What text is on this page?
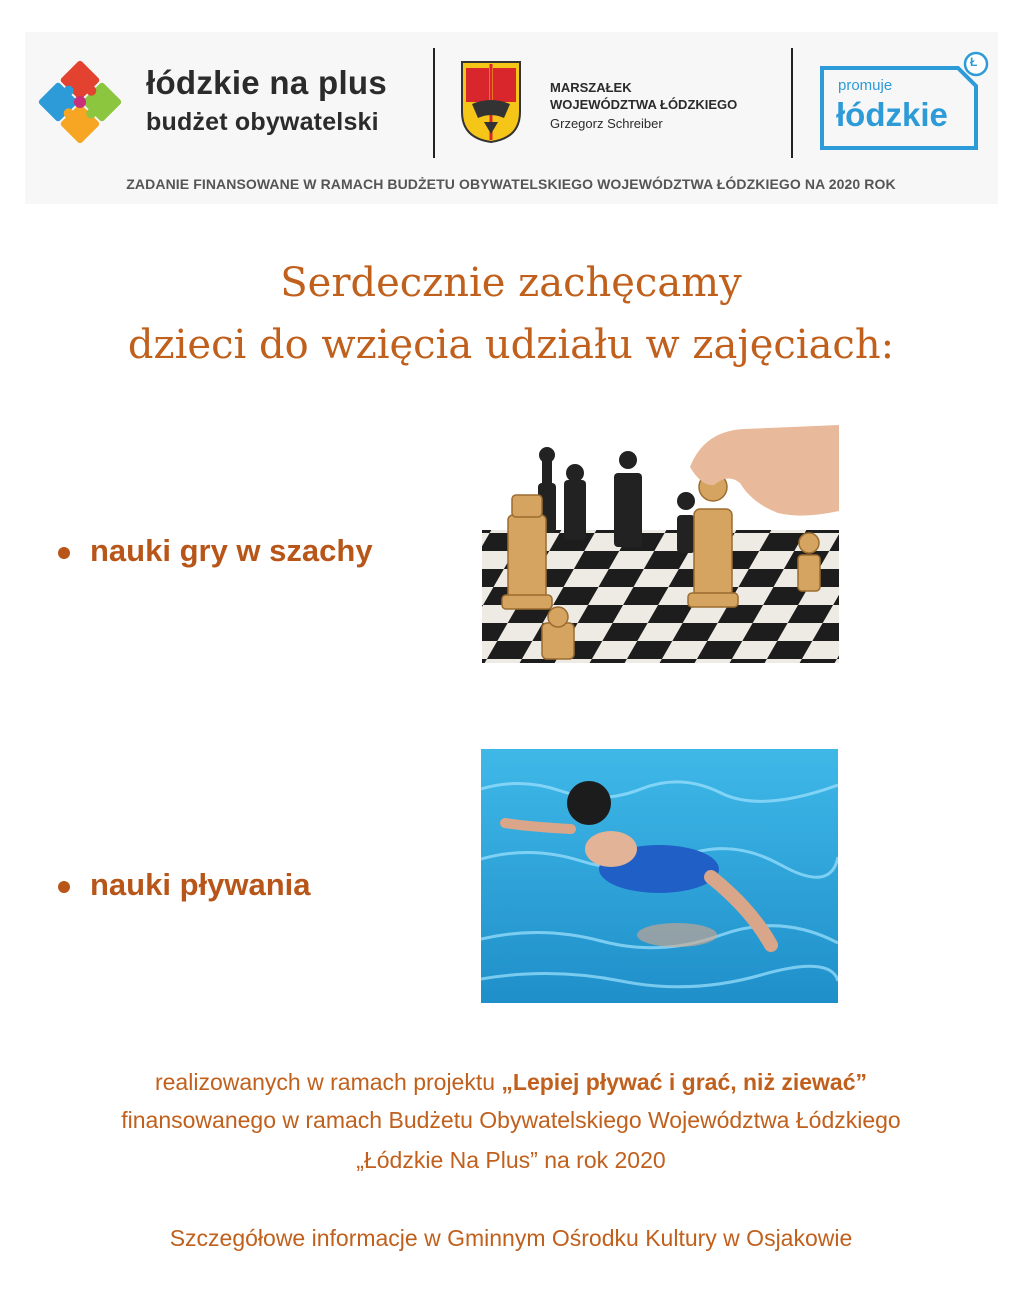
łódzkie na plus
budżet obywatelski
MARSZAŁEK
WOJEWÓDZTWA ŁÓDZKIEGO
Grzegorz Schreiber
Ł
promuje
łódzkie
ZADANIE FINANSOWANE W RAMACH BUDŻETU OBYWATELSKIEGO WOJEWÓDZTWA ŁÓDZKIEGO NA 2020 ROK
Serdecznie zachęcamy
dzieci do wzięcia udziału w zajęciach:
nauki gry w szachy
nauki pływania
realizowanych w ramach projektu „Lepiej pływać i grać, niż ziewać”
finansowanego w ramach Budżetu Obywatelskiego Województwa Łódzkiego
„Łódzkie Na Plus” na rok 2020
Szczegółowe informacje w Gminnym Ośrodku Kultury w Osjakowie
